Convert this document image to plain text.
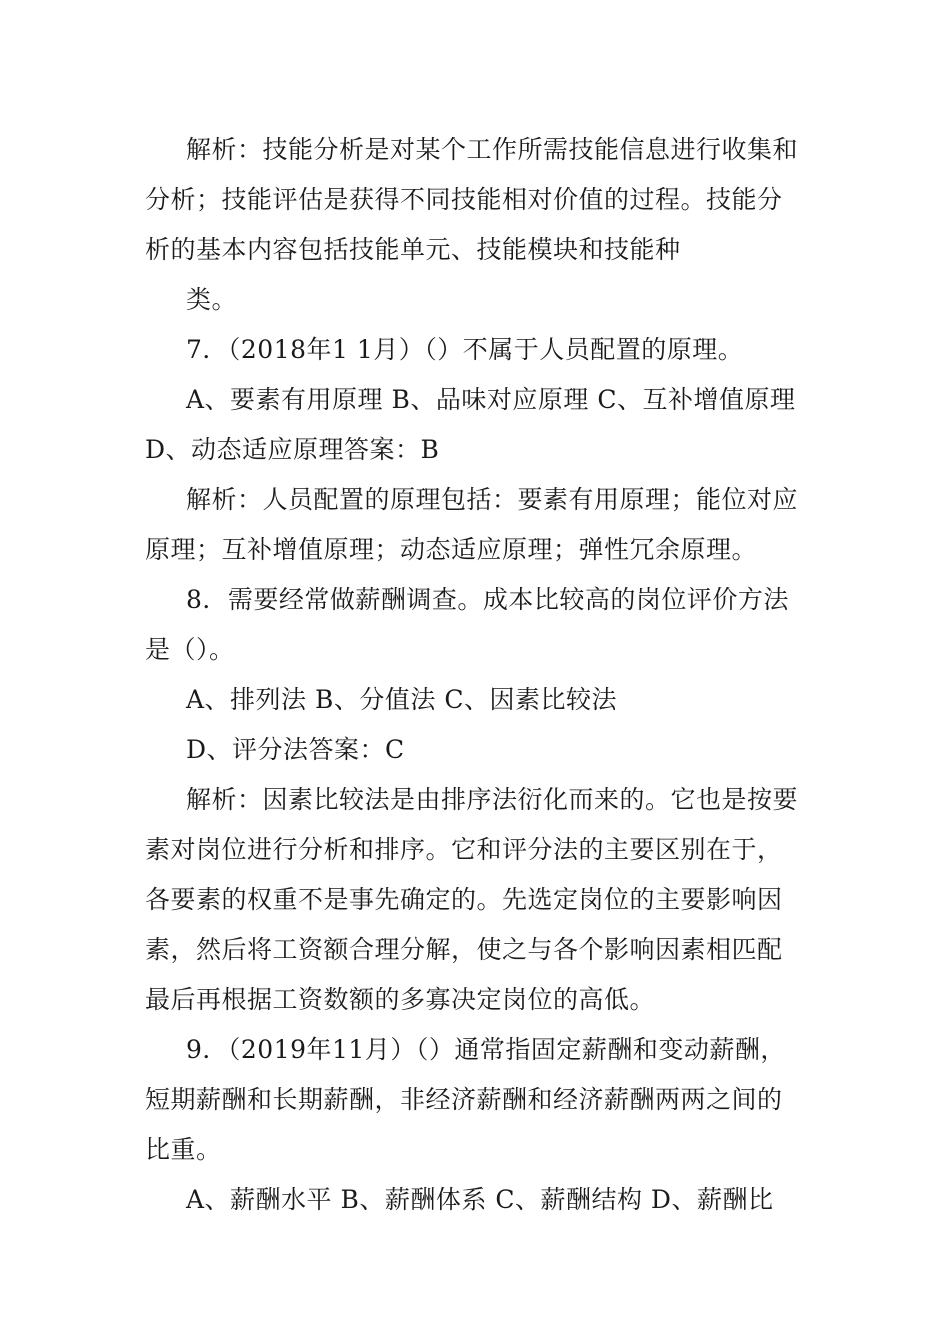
解析：技能分析是对某个工作所需技能信息进行收集和
分析；技能评估是获得不同技能相对价值的过程。技能分
析的基本内容包括技能单元、技能模块和技能种
类。
7．（2018年1 1月）（）不属于人员配置的原理。
A、要素有用原理 B、品味对应原理 C、互补增值原理
D、动态适应原理答案：B
解析：人员配置的原理包括：要素有用原理；能位对应
原理；互补增值原理；动态适应原理；弹性冗余原理。
8．需要经常做薪酬调查。成本比较高的岗位评价方法
是（）。
A、排列法 B、分值法 C、因素比较法
D、评分法答案：C
解析：因素比较法是由排序法衍化而来的。它也是按要
素对岗位进行分析和排序。它和评分法的主要区别在于，
各要素的权重不是事先确定的。先选定岗位的主要影响因
素，然后将工资额合理分解，使之与各个影响因素相匹配
最后再根据工资数额的多寡决定岗位的高低。
9．（2019年11月）（）通常指固定薪酬和变动薪酬，
短期薪酬和长期薪酬，非经济薪酬和经济薪酬两两之间的
比重。
A、薪酬水平 B、薪酬体系 C、薪酬结构 D、薪酬比
